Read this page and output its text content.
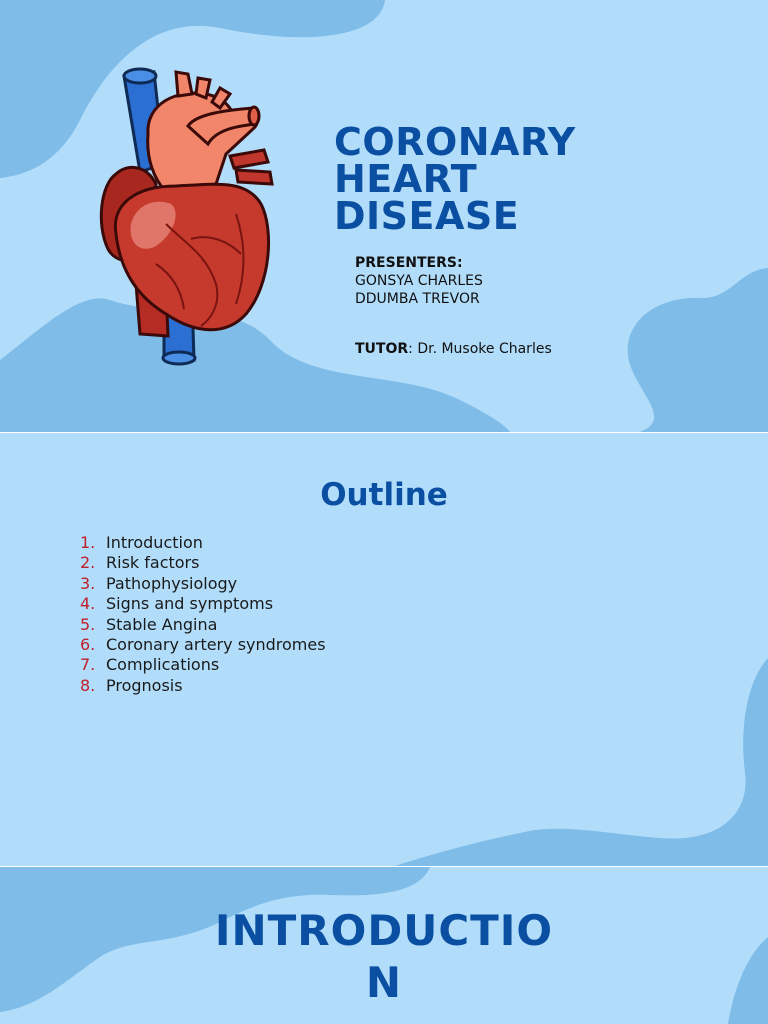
CORONARY
HEART
DISEASE
PRESENTERS:
GONSYA CHARLES
DDUMBA TREVOR
TUTOR: Dr. Musoke Charles
Outline
1. Introduction
2. Risk factors
3. Pathophysiology
4. Signs and symptoms
5. Stable Angina
6. Coronary artery syndromes
7. Complications
8. Prognosis
INTRODUCTIO
N
